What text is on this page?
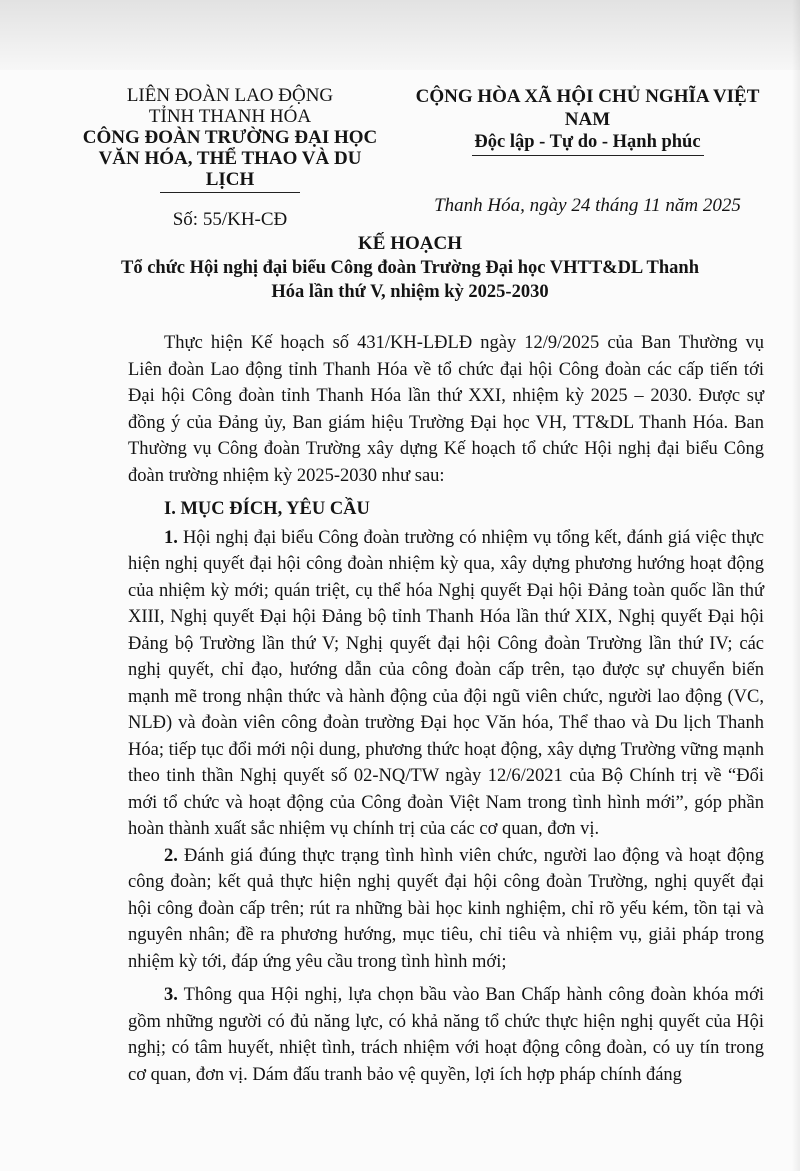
LIÊN ĐOÀN LAO ĐỘNG
TỈNH THANH HÓA
CÔNG ĐOÀN TRƯỜNG ĐẠI HỌC
VĂN HÓA, THỂ THAO VÀ DU LỊCH
Số: 55/KH-CĐ
CỘNG HÒA XÃ HỘI CHỦ NGHĨA VIỆT NAM
Độc lập - Tự do - Hạnh phúc
Thanh Hóa, ngày 24 tháng 11 năm 2025
KẾ HOẠCH
Tổ chức Hội nghị đại biểu Công đoàn Trường Đại học VHTT&DL Thanh
Hóa lần thứ V, nhiệm kỳ 2025-2030

Thực hiện Kế hoạch số 431/KH-LĐLĐ ngày 12/9/2025 của Ban Thường vụ Liên đoàn Lao động tỉnh Thanh Hóa về tổ chức đại hội Công đoàn các cấp tiến tới Đại hội Công đoàn tỉnh Thanh Hóa lần thứ XXI, nhiệm kỳ 2025 – 2030. Được sự đồng ý của Đảng ủy, Ban giám hiệu Trường Đại học VH, TT&DL Thanh Hóa. Ban Thường vụ Công đoàn Trường xây dựng Kế hoạch tổ chức Hội nghị đại biểu Công đoàn trường nhiệm kỳ 2025-2030 như sau:

I. MỤC ĐÍCH, YÊU CẦU

1. Hội nghị đại biểu Công đoàn trường có nhiệm vụ tổng kết, đánh giá việc thực hiện nghị quyết đại hội công đoàn nhiệm kỳ qua, xây dựng phương hướng hoạt động của nhiệm kỳ mới; quán triệt, cụ thể hóa Nghị quyết Đại hội Đảng toàn quốc lần thứ XIII, Nghị quyết Đại hội Đảng bộ tỉnh Thanh Hóa lần thứ XIX, Nghị quyết Đại hội Đảng bộ Trường lần thứ V; Nghị quyết đại hội Công đoàn Trường lần thứ IV; các nghị quyết, chỉ đạo, hướng dẫn của công đoàn cấp trên, tạo được sự chuyển biến mạnh mẽ trong nhận thức và hành động của đội ngũ viên chức, người lao động (VC, NLĐ) và đoàn viên công đoàn trường Đại học Văn hóa, Thể thao và Du lịch Thanh Hóa; tiếp tục đổi mới nội dung, phương thức hoạt động, xây dựng Trường vững mạnh theo tinh thần Nghị quyết số 02-NQ/TW ngày 12/6/2021 của Bộ Chính trị về “Đổi mới tổ chức và hoạt động của Công đoàn Việt Nam trong tình hình mới”, góp phần hoàn thành xuất sắc nhiệm vụ chính trị của các cơ quan, đơn vị.

2. Đánh giá đúng thực trạng tình hình viên chức, người lao động và hoạt động công đoàn; kết quả thực hiện nghị quyết đại hội công đoàn Trường, nghị quyết đại hội công đoàn cấp trên; rút ra những bài học kinh nghiệm, chỉ rõ yếu kém, tồn tại và nguyên nhân; đề ra phương hướng, mục tiêu, chỉ tiêu và nhiệm vụ, giải pháp trong nhiệm kỳ tới, đáp ứng yêu cầu trong tình hình mới;

3. Thông qua Hội nghị, lựa chọn bầu vào Ban Chấp hành công đoàn khóa mới gồm những người có đủ năng lực, có khả năng tổ chức thực hiện nghị quyết của Hội nghị; có tâm huyết, nhiệt tình, trách nhiệm với hoạt động công đoàn, có uy tín trong cơ quan, đơn vị. Dám đấu tranh bảo vệ quyền, lợi ích hợp pháp chính đáng
